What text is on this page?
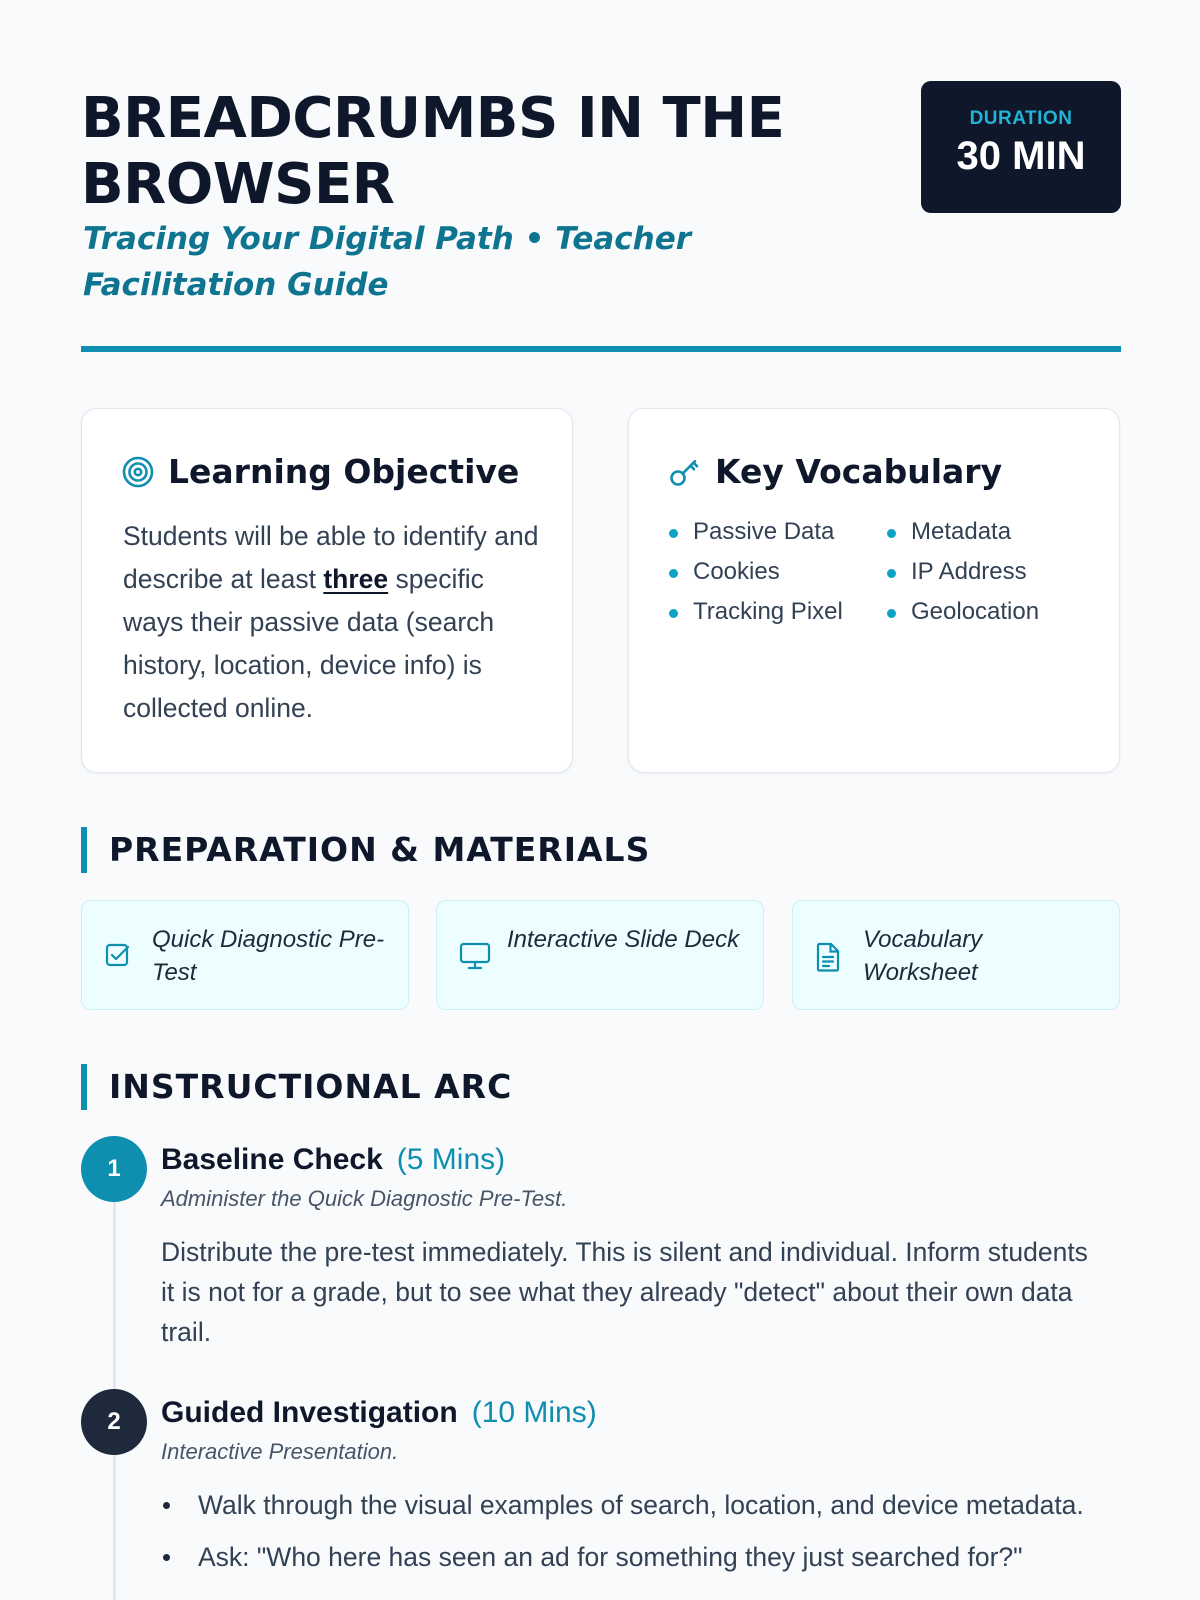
BREADCRUMBS IN THE BROWSER
Tracing Your Digital Path • Teacher Facilitation Guide
DURATION
30 MIN
Learning Objective

Students will be able to identify and describe at least three specific ways their passive data (search history, location, device info) is collected online.

Key Vocabulary
Passive Data	Metadata
Cookies	IP Address
Tracking Pixel	Geolocation
PREPARATION & MATERIALS
Quick Diagnostic Pre-Test
Interactive Slide Deck	Vocabulary Worksheet
INSTRUCTIONAL ARC
1	Baseline Check (5 Mins)
Administer the Quick Diagnostic Pre-Test.

Distribute the pre-test immediately. This is silent and individual. Inform students it is not for a grade, but to see what they already "detect" about their own data trail.

2	Guided Investigation (10 Mins)
Interactive Presentation.
Walk through the visual examples of search, location, and device metadata.
Ask: "Who here has seen an ad for something they just searched for?"
